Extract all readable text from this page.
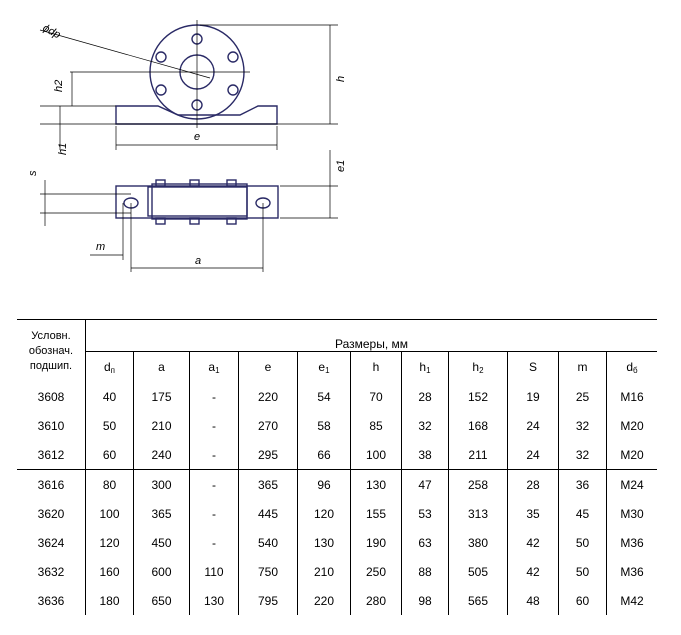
ϕdp
h2
h
h1
e
e1
s
m
a
Условн. обознач. подшип.	Размеры, мм										
	$d_п$	a	$a_1$	e	$e_1$	h	$h_1$	$h_2$	S	m	$d_б$
3608	40	175	-	220	54	70	28	152	19	25	M16
3610	50	210	-	270	58	85	32	168	24	32	M20
3612	60	240	-	295	66	100	38	211	24	32	M20
3616	80	300	-	365	96	130	47	258	28	36	M24
3620	100	365	-	445	120	155	53	313	35	45	M30
3624	120	450	-	540	130	190	63	380	42	50	M36
3632	160	600	110	750	210	250	88	505	42	50	M36
3636	180	650	130	795	220	280	98	565	48	60	M42
